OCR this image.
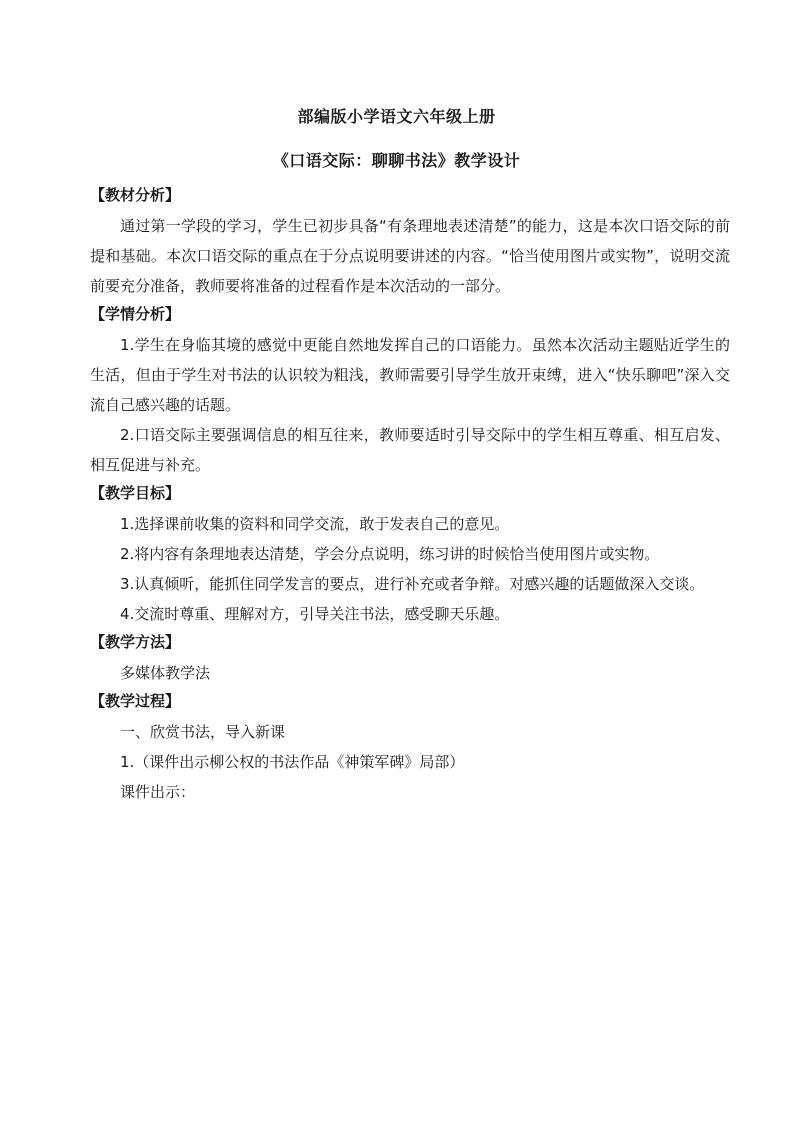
部编版小学语文六年级上册
《口语交际：聊聊书法》教学设计
【教材分析】

通过第一学段的学习，学生已初步具备“有条理地表述清楚”的能力，这是本次口语交际的前提和基础。本次口语交际的重点在于分点说明要讲述的内容。“恰当使用图片或实物”，说明交流前要充分准备，教师要将准备的过程看作是本次活动的一部分。

【学情分析】

1.学生在身临其境的感觉中更能自然地发挥自己的口语能力。虽然本次活动主题贴近学生的生活，但由于学生对书法的认识较为粗浅，教师需要引导学生放开束缚，进入“快乐聊吧”深入交流自己感兴趣的话题。

2.口语交际主要强调信息的相互往来，教师要适时引导交际中的学生相互尊重、相互启发、相互促进与补充。

【教学目标】

1.选择课前收集的资料和同学交流，敢于发表自己的意见。

2.将内容有条理地表达清楚，学会分点说明，练习讲的时候恰当使用图片或实物。

3.认真倾听，能抓住同学发言的要点，进行补充或者争辩。对感兴趣的话题做深入交谈。

4.交流时尊重、理解对方，引导关注书法，感受聊天乐趣。

【教学方法】

多媒体教学法

【教学过程】

一、欣赏书法，导入新课

1.（课件出示柳公权的书法作品《神策军碑》局部）

课件出示：
